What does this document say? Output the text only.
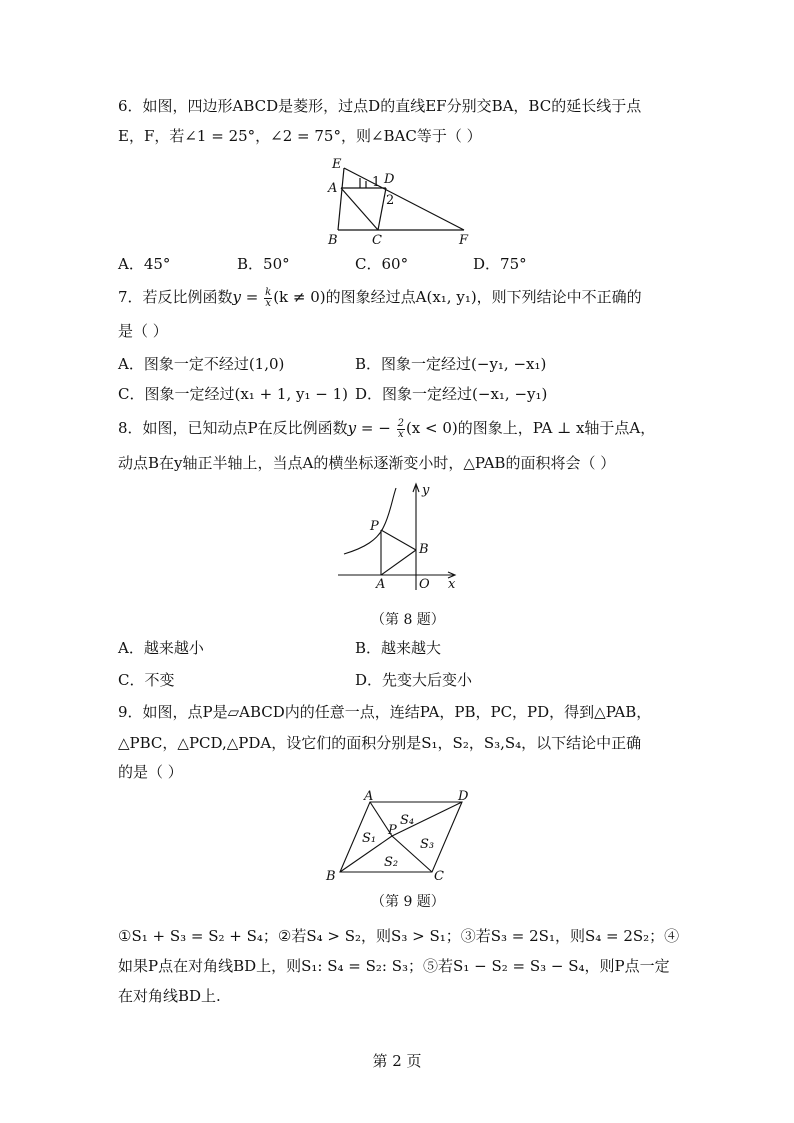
6．如图，四边形ABCD是菱形，过点D的直线EF分别交BA，BC的延长线于点
E，F，若∠1 = 25°，∠2 = 75°，则∠BAC等于（ ）
E
A
D
B	C	F
1
2
A．45°	B．50°	C．60°	D．75°
7．若反比例函数$y = \frac{k}{x} (k \ne 0)$的图象经过点A(x₁, y₁)，则下列结论中不正确的
是（ ）
A．图象一定不经过(1,0)	B．图象一定经过(−y₁, −x₁)
C．图象一定经过(x₁ + 1, y₁ − 1) D．图象一定经过(−x₁, −y₁)
8．如图，已知动点P在反比例函数y = − $\frac{2}{x} (x < 0)$的图象上，PA ⊥ x轴于点A，
动点B在y轴正半轴上，当点A的横坐标逐渐变小时，△PAB的面积将会（ ）
P
B
A	O x
y
（第 8 题）
A．越来越小	B．越来越大
C．不变	D．先变大后变小
9．如图，点P是▱ABCD内的任意一点，连结PA，PB，PC，PD，得到△PAB，
△PBC，△PCD,△PDA，设它们的面积分别是S₁，S₂，S₃,S₄，以下结论中正确
的是（ ）
A	D
B	C
P
S₁
S₂
S₃
S₄
（第 9 题）
①S₁ + S₃ = S₂ + S₄；②若S₄ > S₂，则S₃ > S₁；③若S₃ = 2S₁，则S₄ = 2S₂；④
如果P点在对角线BD上，则S₁: S₄ = S₂: S₃；⑤若S₁ − S₂ = S₃ − S₄，则P点一定
在对角线BD上.
第 2 页
